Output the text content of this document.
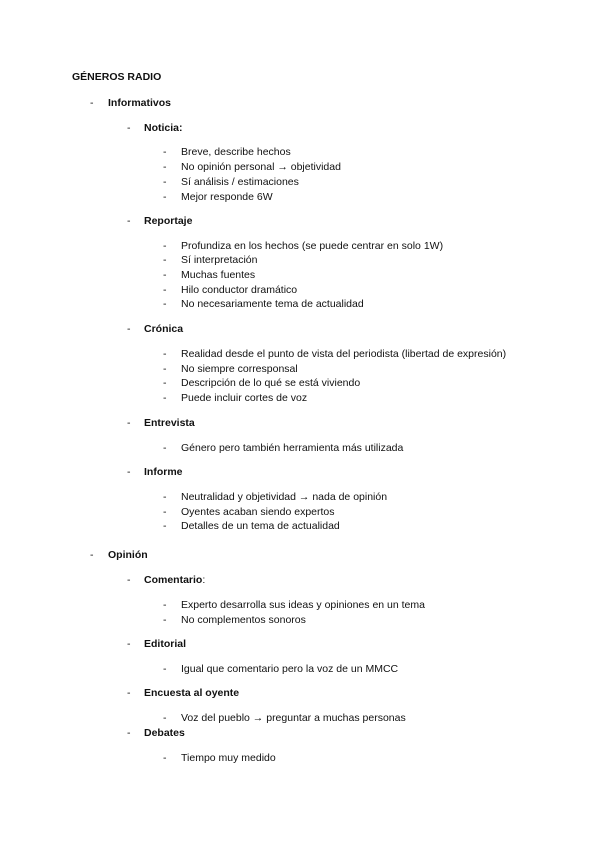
GÉNEROS RADIO
- Informativos
- Noticia:
- Breve, describe hechos
- No opinión personal → objetividad
- Sí análisis / estimaciones
- Mejor responde 6W
- Reportaje
- Profundiza en los hechos (se puede centrar en solo 1W)
- Sí interpretación
- Muchas fuentes
- Hilo conductor dramático
- No necesariamente tema de actualidad
- Crónica
- Realidad desde el punto de vista del periodista (libertad de expresión)
- No siempre corresponsal
- Descripción de lo qué se está viviendo
- Puede incluir cortes de voz
- Entrevista
- Género pero también herramienta más utilizada
- Informe
- Neutralidad y objetividad → nada de opinión
- Oyentes acaban siendo expertos
- Detalles de un tema de actualidad
- Opinión
- Comentario:
- Experto desarrolla sus ideas y opiniones en un tema
- No complementos sonoros
- Editorial
- Igual que comentario pero la voz de un MMCC
- Encuesta al oyente
- Voz del pueblo → preguntar a muchas personas
- Debates
- Tiempo muy medido
